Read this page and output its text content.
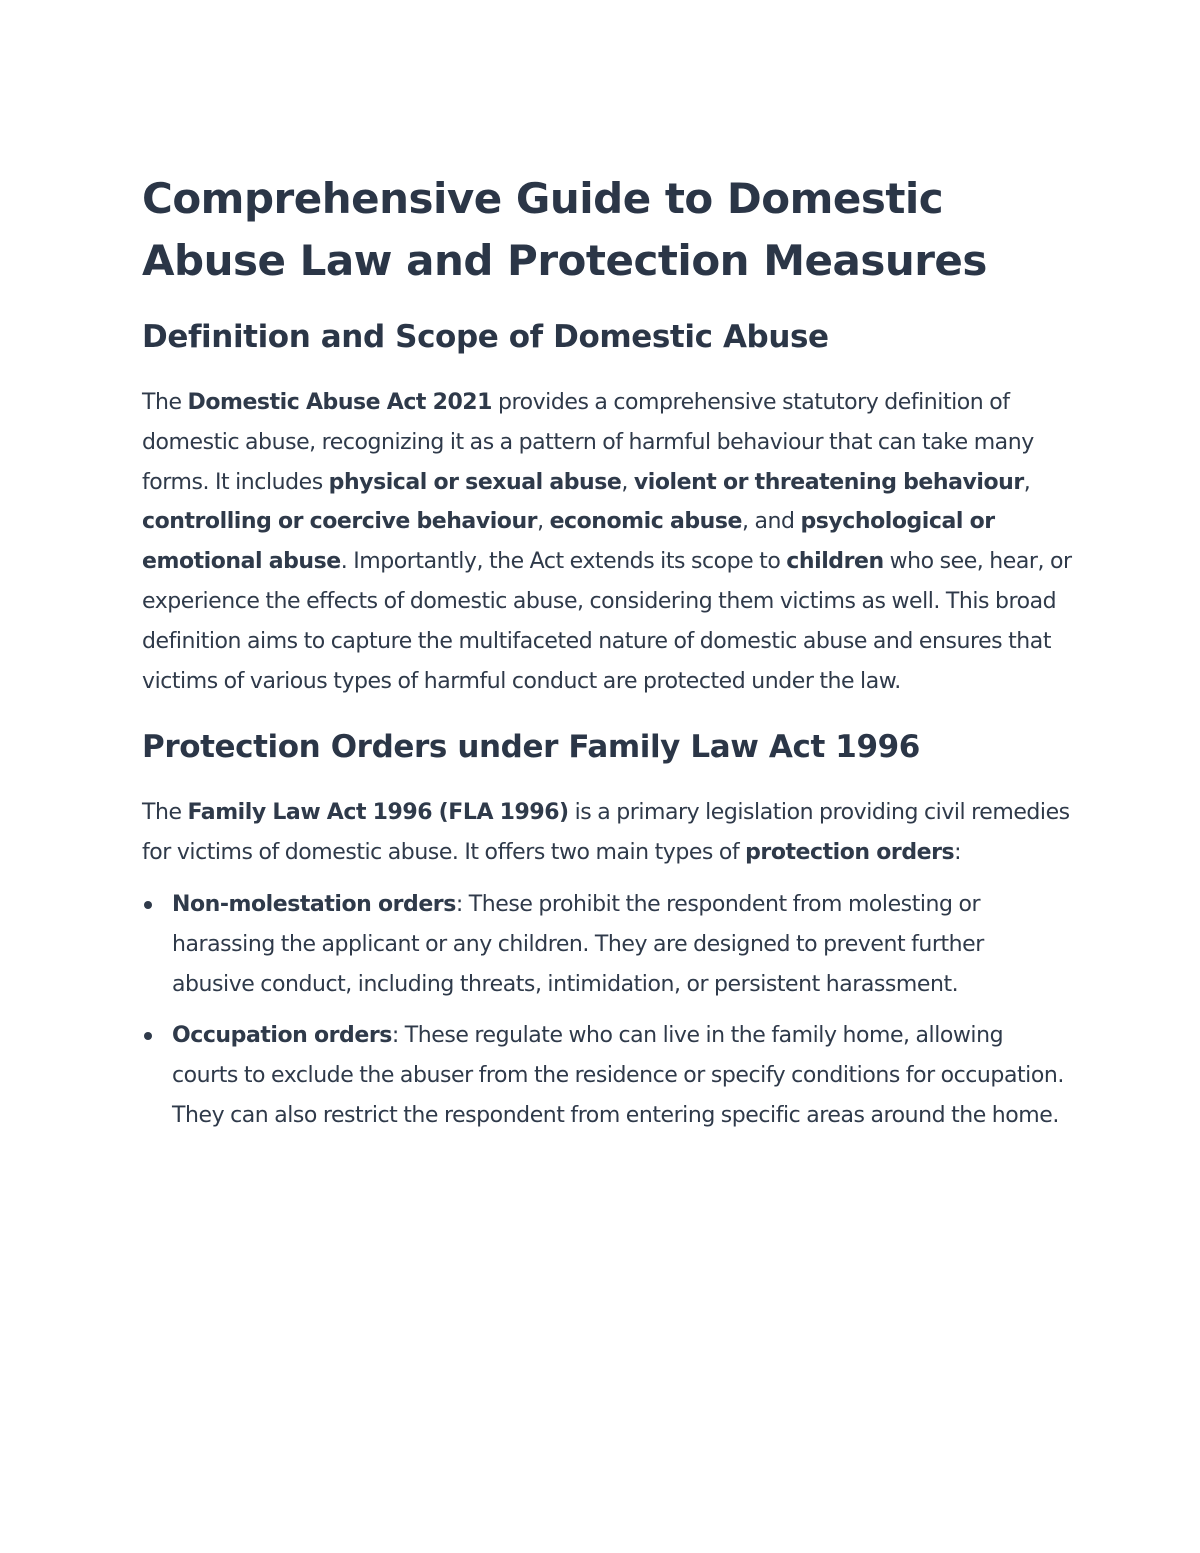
Comprehensive Guide to Domestic Abuse Law and Protection Measures
Definition and Scope of Domestic Abuse

The Domestic Abuse Act 2021 provides a comprehensive statutory definition of domestic abuse, recognizing it as a pattern of harmful behaviour that can take many forms. It includes physical or sexual abuse, violent or threatening behaviour, controlling or coercive behaviour, economic abuse, and psychological or emotional abuse. Importantly, the Act extends its scope to children who see, hear, or experience the effects of domestic abuse, considering them victims as well. This broad definition aims to capture the multifaceted nature of domestic abuse and ensures that victims of various types of harmful conduct are protected under the law.

Protection Orders under Family Law Act 1996

The Family Law Act 1996 (FLA 1996) is a primary legislation providing civil remedies for victims of domestic abuse. It offers two main types of protection orders:

Non-molestation orders: These prohibit the respondent from molesting or harassing the applicant or any children. They are designed to prevent further abusive conduct, including threats, intimidation, or persistent harassment.
Occupation orders: These regulate who can live in the family home, allowing courts to exclude the abuser from the residence or specify conditions for occupation. They can also restrict the respondent from entering specific areas around the home.
